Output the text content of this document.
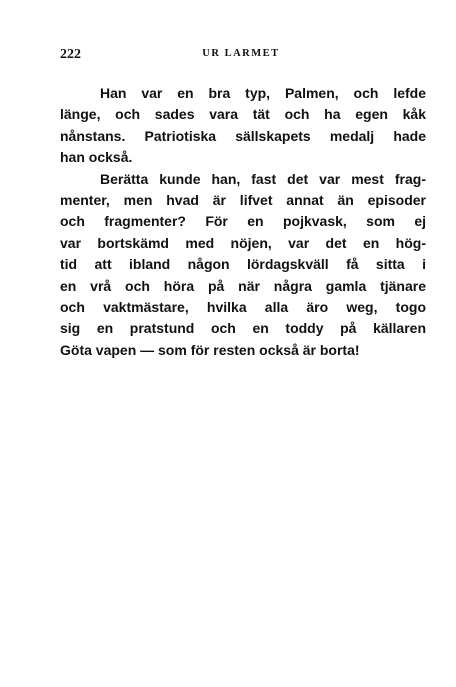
222	UR LARMET
Han var en bra typ, Palmen, och lefde
länge, och sades vara tät och ha egen kåk
nånstans. Patriotiska sällskapets medalj hade
han också.
Berätta kunde han, fast det var mest frag-
menter, men hvad är lifvet annat än episoder
och fragmenter? För en pojkvask, som ej
var bortskämd med nöjen, var det en hög-
tid att ibland någon lördagskväll få sitta i
en vrå och höra på när några gamla tjänare
och vaktmästare, hvilka alla äro weg, togo
sig en pratstund och en toddy på källaren
Göta vapen — som för resten också är borta!
